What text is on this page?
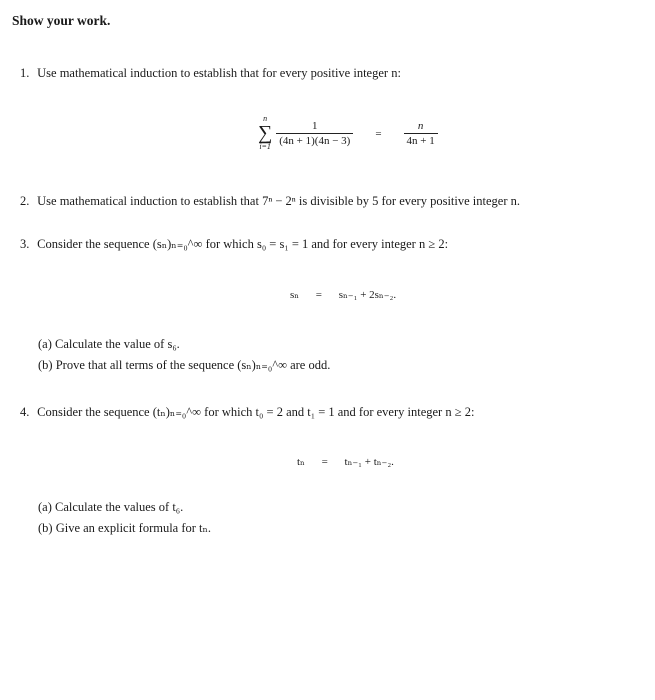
Show your work.
1. Use mathematical induction to establish that for every positive integer n:
n
∑
i=1
$\frac{1}{(4n + 1)(4n - 3)} = \frac{n}{4n + 1}$
2. Use mathematical induction to establish that 7ⁿ − 2ⁿ is divisible by 5 for every positive integer n.
3. Consider the sequence (sₙ)ₙ₌₀^∞ for which s₀ = s₁ = 1 and for every integer n ≥ 2:
sₙ = sₙ₋₁ + 2sₙ₋₂.
(a) Calculate the value of s₆.
(b) Prove that all terms of the sequence (sₙ)ₙ₌₀^∞ are odd.
4. Consider the sequence (tₙ)ₙ₌₀^∞ for which t₀ = 2 and t₁ = 1 and for every integer n ≥ 2:
tₙ = tₙ₋₁ + tₙ₋₂.
(a) Calculate the values of t₆.
(b) Give an explicit formula for tₙ.
